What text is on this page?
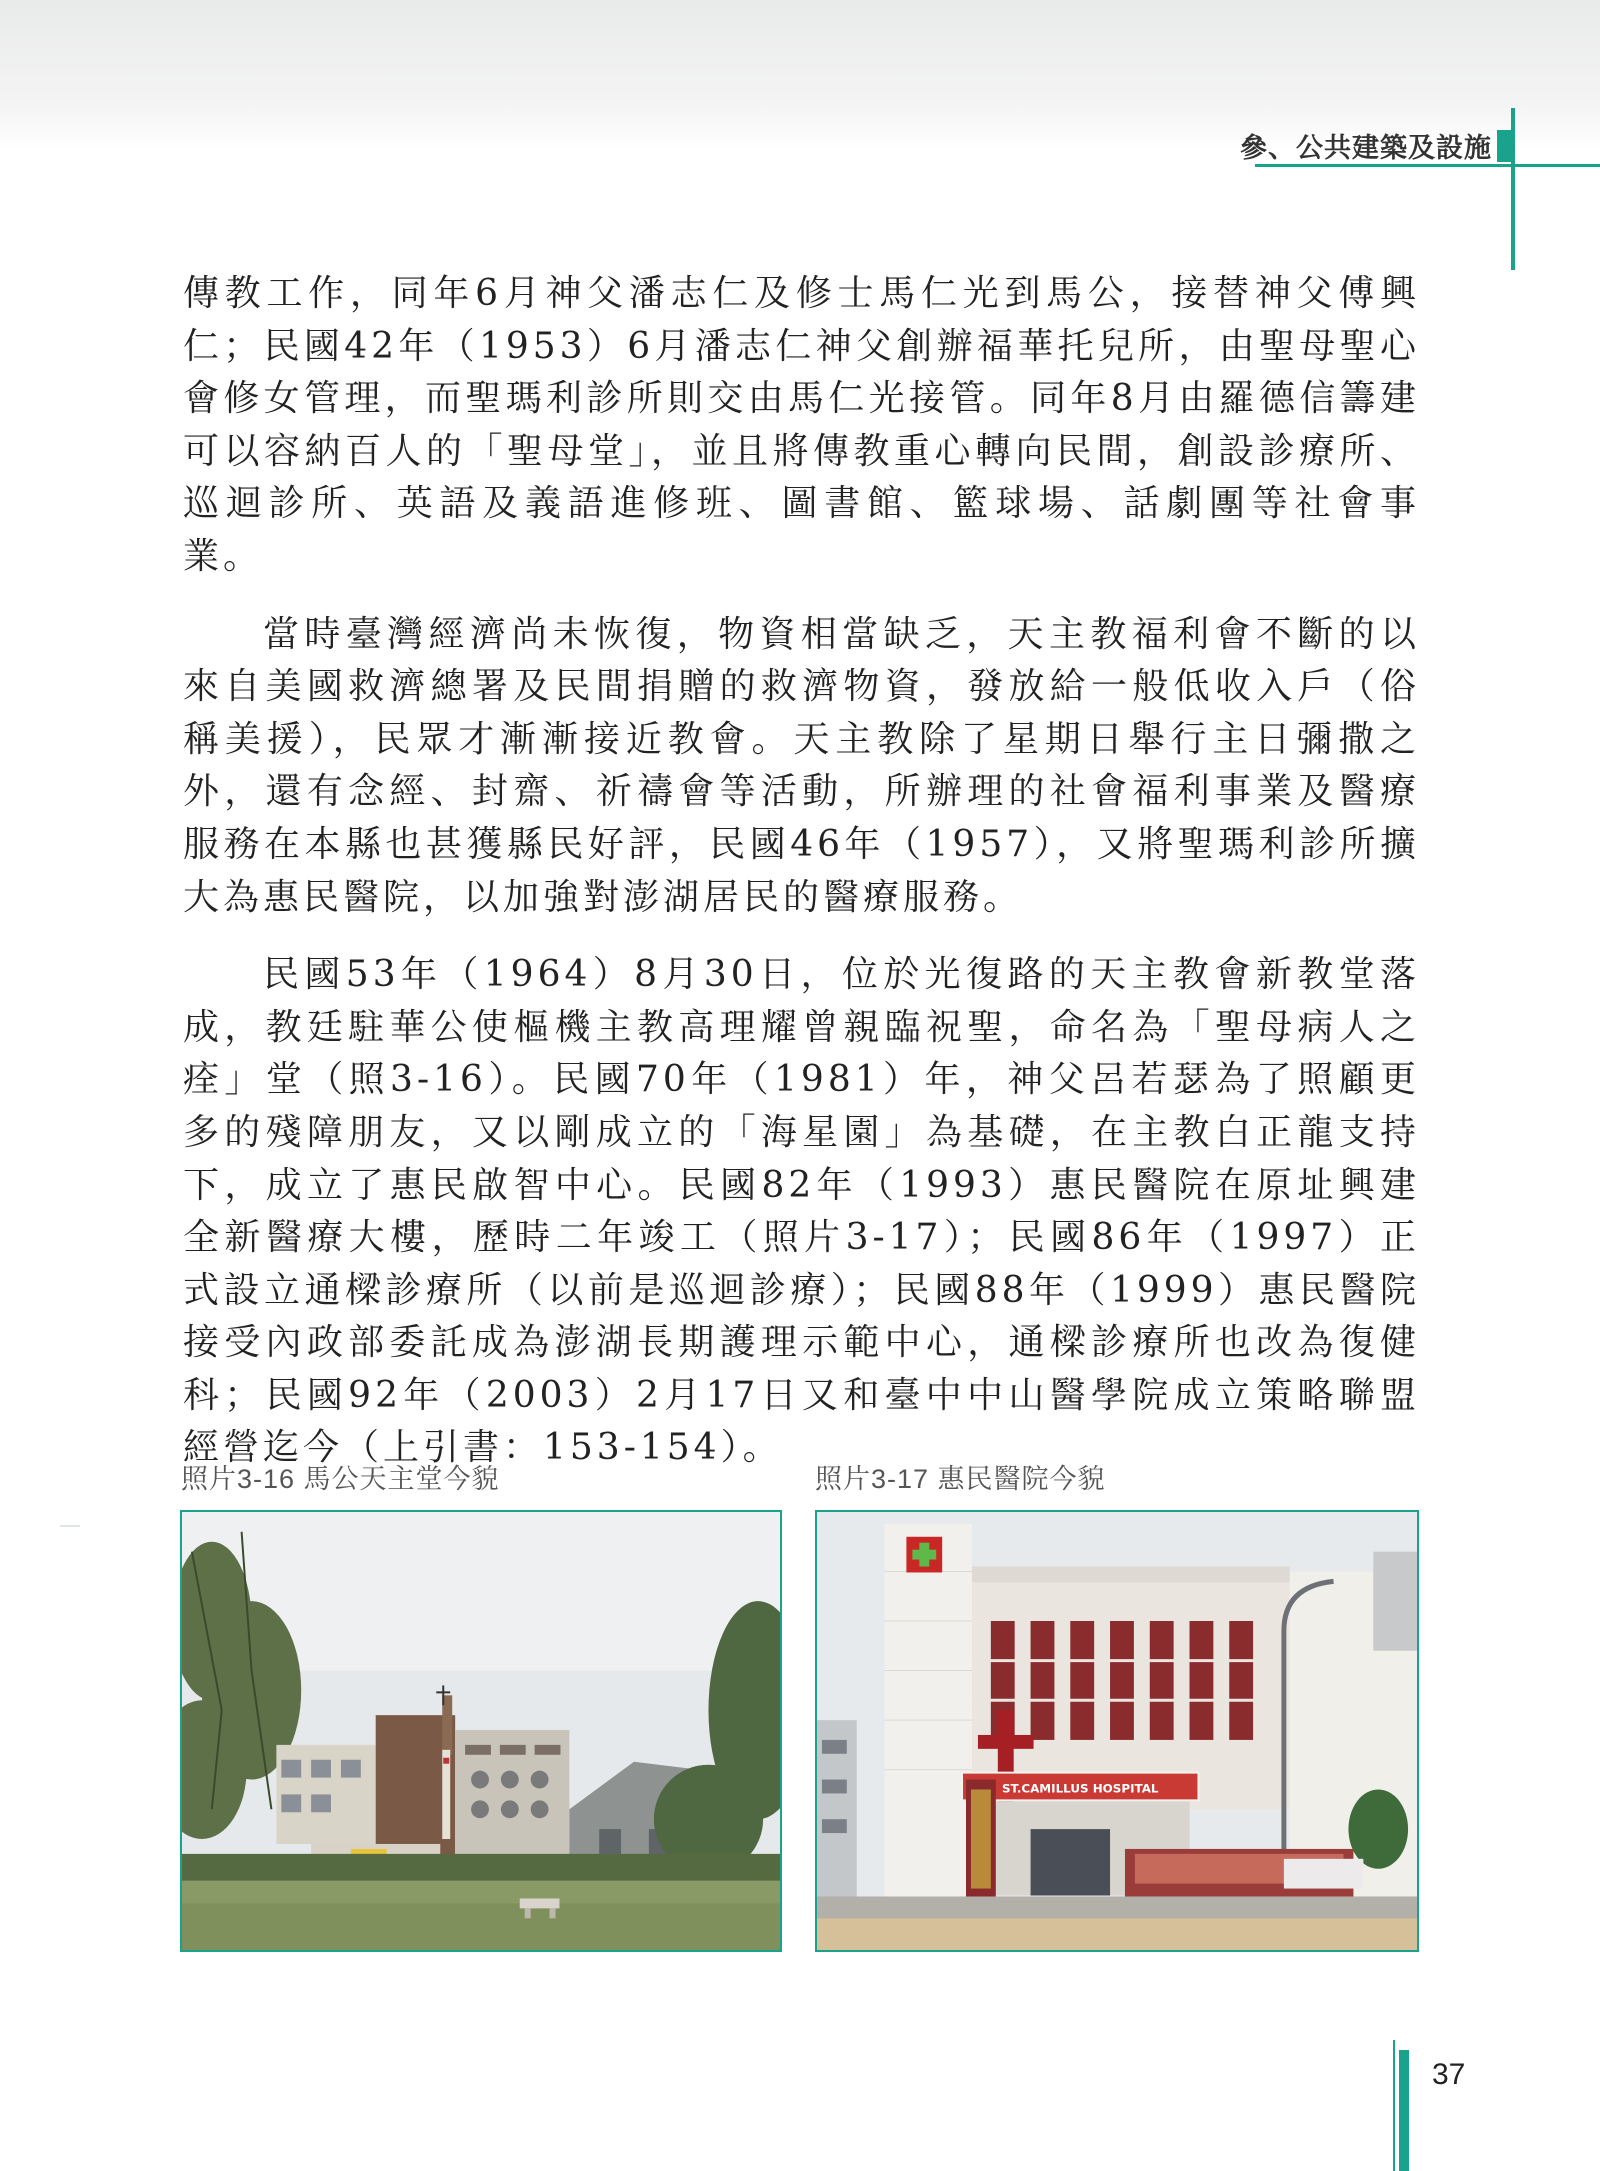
參、公共建築及設施

傳教工作，同年6月神父潘志仁及修士馬仁光到馬公，接替神父傅興仁；民國42年（1953）6月潘志仁神父創辦福華托兒所，由聖母聖心會修女管理，而聖瑪利診所則交由馬仁光接管。同年8月由羅德信籌建可以容納百人的「聖母堂」，並且將傳教重心轉向民間，創設診療所、巡迴診所、英語及義語進修班、圖書館、籃球場、話劇團等社會事業。

當時臺灣經濟尚未恢復，物資相當缺乏，天主教福利會不斷的以來自美國救濟總署及民間捐贈的救濟物資，發放給一般低收入戶（俗稱美援），民眾才漸漸接近教會。天主教除了星期日舉行主日彌撒之外，還有念經、封齋、祈禱會等活動，所辦理的社會福利事業及醫療服務在本縣也甚獲縣民好評，民國46年（1957），又將聖瑪利診所擴大為惠民醫院，以加強對澎湖居民的醫療服務。

民國53年（1964）8月30日，位於光復路的天主教會新教堂落成，教廷駐華公使樞機主教高理耀曾親臨祝聖，命名為「聖母病人之痊」堂（照3-16）。民國70年（1981）年，神父呂若瑟為了照顧更多的殘障朋友，又以剛成立的「海星園」為基礎，在主教白正龍支持下，成立了惠民啟智中心。民國82年（1993）惠民醫院在原址興建全新醫療大樓，歷時二年竣工（照片3-17）；民國86年（1997）正式設立通樑診療所（以前是巡迴診療）；民國88年（1999）惠民醫院接受內政部委託成為澎湖長期護理示範中心，通樑診療所也改為復健科；民國92年（2003）2月17日又和臺中中山醫學院成立策略聯盟經營迄今（上引書：153-154）。

照片3-16 馬公天主堂今貌	照片3-17 惠民醫院今貌
ST.CAMILLUS HOSPITAL
37
